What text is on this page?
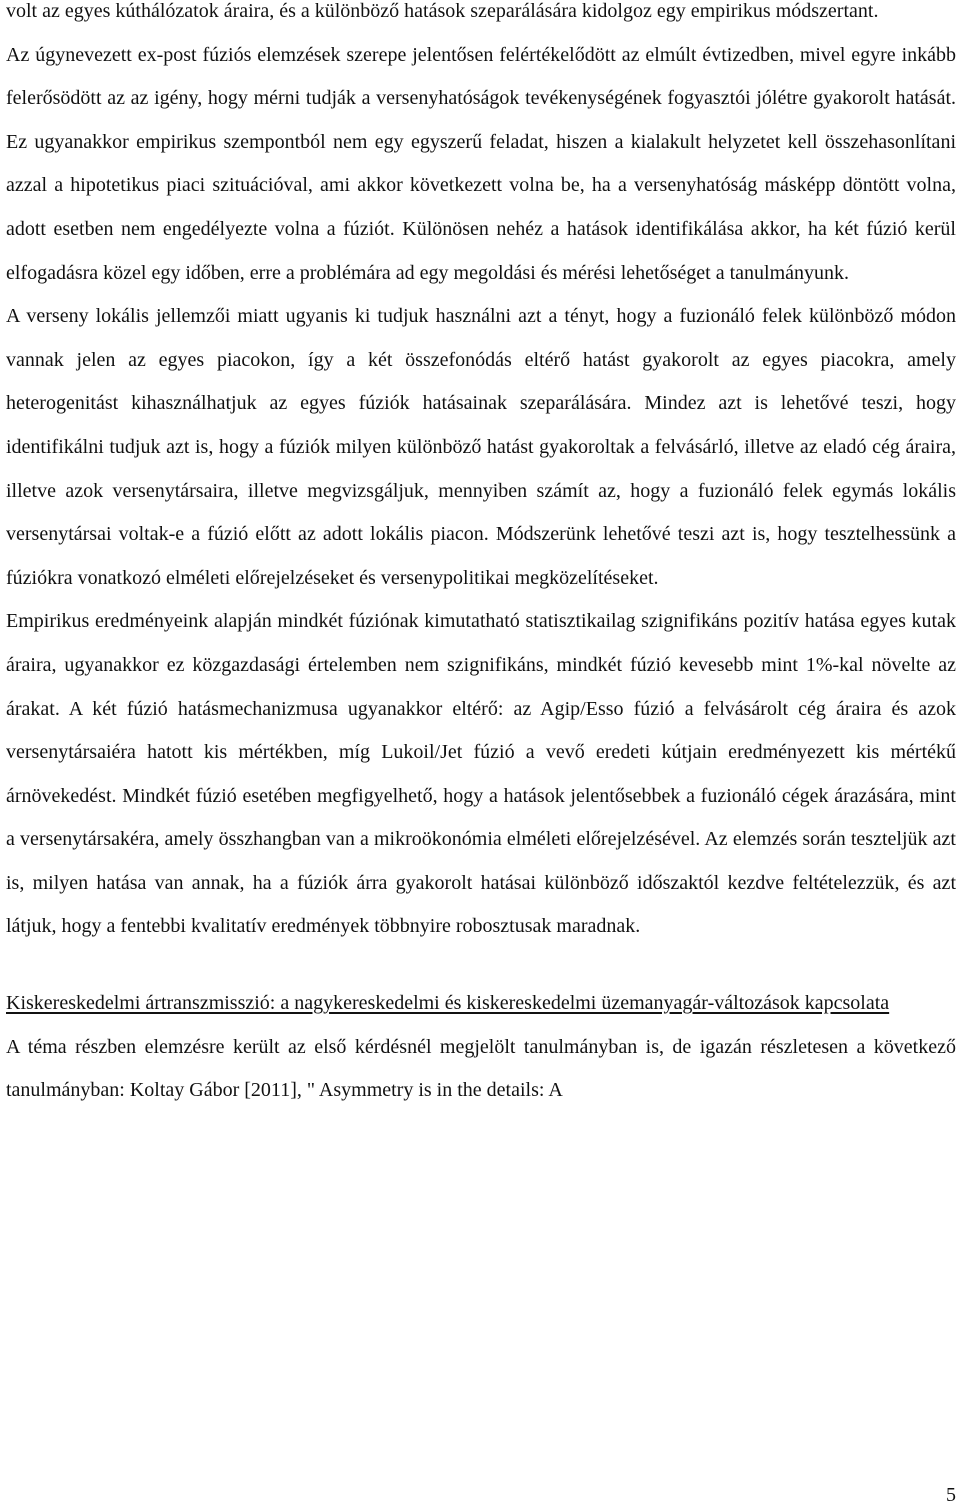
volt az egyes kúthálózatok áraira, és a különböző hatások szeparálására kidolgoz egy empirikus módszertant.

Az úgynevezett ex-post fúziós elemzések szerepe jelentősen felértékelődött az elmúlt évtizedben, mivel egyre inkább felerősödött az az igény, hogy mérni tudják a versenyhatóságok tevékenységének fogyasztói jólétre gyakorolt hatását. Ez ugyanakkor empirikus szempontból nem egy egyszerű feladat, hiszen a kialakult helyzetet kell összehasonlítani azzal a hipotetikus piaci szituációval, ami akkor következett volna be, ha a versenyhatóság másképp döntött volna, adott esetben nem engedélyezte volna a fúziót. Különösen nehéz a hatások identifikálása akkor, ha két fúzió kerül elfogadásra közel egy időben, erre a problémára ad egy megoldási és mérési lehetőséget a tanulmányunk.

A verseny lokális jellemzői miatt ugyanis ki tudjuk használni azt a tényt, hogy a fuzionáló felek különböző módon vannak jelen az egyes piacokon, így a két összefonódás eltérő hatást gyakorolt az egyes piacokra, amely heterogenitást kihasználhatjuk az egyes fúziók hatásainak szeparálására. Mindez azt is lehetővé teszi, hogy identifikálni tudjuk azt is, hogy a fúziók milyen különböző hatást gyakoroltak a felvásárló, illetve az eladó cég áraira, illetve azok versenytársaira, illetve megvizsgáljuk, mennyiben számít az, hogy a fuzionáló felek egymás lokális versenytársai voltak-e a fúzió előtt az adott lokális piacon. Módszerünk lehetővé teszi azt is, hogy tesztelhessünk a fúziókra vonatkozó elméleti előrejelzéseket és versenypolitikai megközelítéseket.

Empirikus eredményeink alapján mindkét fúziónak kimutatható statisztikailag szignifikáns pozitív hatása egyes kutak áraira, ugyanakkor ez közgazdasági értelemben nem szignifikáns, mindkét fúzió kevesebb mint 1%-kal növelte az árakat. A két fúzió hatásmechanizmusa ugyanakkor eltérő: az Agip/Esso fúzió a felvásárolt cég áraira és azok versenytársaiéra hatott kis mértékben, míg Lukoil/Jet fúzió a vevő eredeti kútjain eredményezett kis mértékű árnövekedést. Mindkét fúzió esetében megfigyelhető, hogy a hatások jelentősebbek a fuzionáló cégek árazására, mint a versenytársakéra, amely összhangban van a mikroökonómia elméleti előrejelzésével. Az elemzés során teszteljük azt is, milyen hatása van annak, ha a fúziók árra gyakorolt hatásai különböző időszaktól kezdve feltételezzük, és azt látjuk, hogy a fentebbi kvalitatív eredmények többnyire robosztusak maradnak.

Kiskereskedelmi ártranszmisszió: a nagykereskedelmi és kiskereskedelmi üzemanyagár-változások kapcsolata

A téma részben elemzésre került az első kérdésnél megjelölt tanulmányban is, de igazán részletesen a következő tanulmányban: Koltay Gábor [2011], " Asymmetry is in the details: A

5
